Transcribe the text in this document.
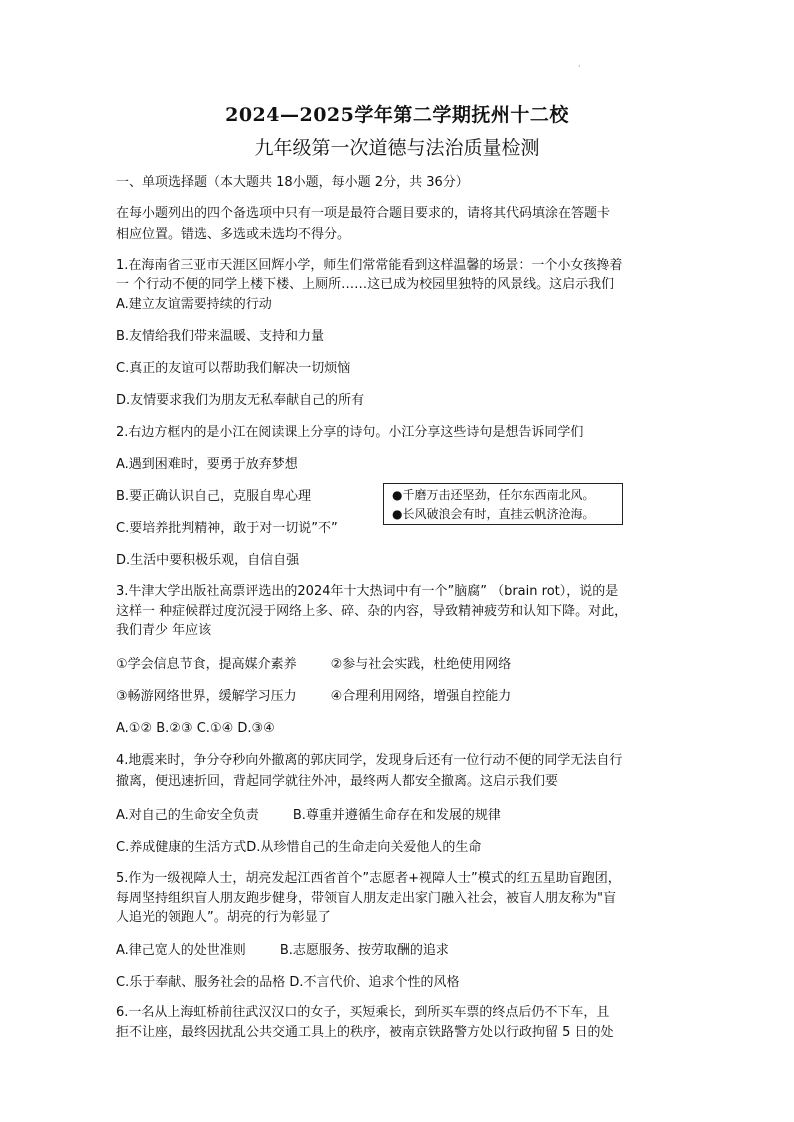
·
2024—2025学年第二学期抚州十二校
九年级第一次道德与法治质量检测
一、单项选择题（本大题共 18小题，每小题 2分，共 36分）
在每小题列出的四个备选项中只有一项是最符合题目要求的，请将其代码填涂在答题卡
相应位置。错选、多选或未选均不得分。
1.在海南省三亚市天涯区回辉小学，师生们常常能看到这样温馨的场景：一个小女孩搀着
一 个行动不便的同学上楼下楼、上厕所……这已成为校园里独特的风景线。这启示我们
A.建立友谊需要持续的行动
B.友情给我们带来温暖、支持和力量
C.真正的友谊可以帮助我们解决一切烦恼
D.友情要求我们为朋友无私奉献自己的所有
2.右边方框内的是小江在阅读课上分享的诗句。小江分享这些诗句是想告诉同学们
A.遇到困难时，要勇于放弃梦想
B.要正确认识自己，克服自卑心理
C.要培养批判精神，敢于对一切说”不”
D.生活中要积极乐观，自信自强
●千磨万击还坚劲，任尔东西南北风。
●长风破浪会有时，直挂云帆济沧海。
3.牛津大学出版社高票评选出的2024年十大热词中有一个”脑腐” （brain rot），说的是
这样一 种症候群过度沉浸于网络上多、碎、杂的内容，导致精神疲劳和认知下降。对此，
我们青少 年应该
①学会信息节食，提高媒介素养	②参与社会实践，杜绝使用网络
③畅游网络世界，缓解学习压力	④合理利用网络，增强自控能力
A.①② B.②③ C.①④ D.③④
4.地震来时，争分夺秒向外撤离的郭庆同学，发现身后还有一位行动不便的同学无法自行
撤离，便迅速折回，背起同学就往外冲，最终两人都安全撤离。这启示我们要
A.对自己的生命安全负责	B.尊重并遵循生命存在和发展的规律
C.养成健康的生活方式D.从珍惜自己的生命走向关爱他人的生命
5.作为一级视障人士，胡亮发起江西省首个”志愿者+视障人士”模式的红五星助盲跑团，
每周坚持组织盲人朋友跑步健身，带领盲人朋友走出家门融入社会，被盲人朋友称为"盲
人追光的领跑人”。胡亮的行为彰显了
A.律己宽人的处世准则	B.志愿服务、按劳取酬的追求
C.乐于奉献、服务社会的品格 D.不言代价、追求个性的风格
6.一名从上海虹桥前往武汉汉口的女子，买短乘长，到所买车票的终点后仍不下车，且
拒不让座，最终因扰乱公共交通工具上的秩序，被南京铁路警方处以行政拘留 5 日的处
